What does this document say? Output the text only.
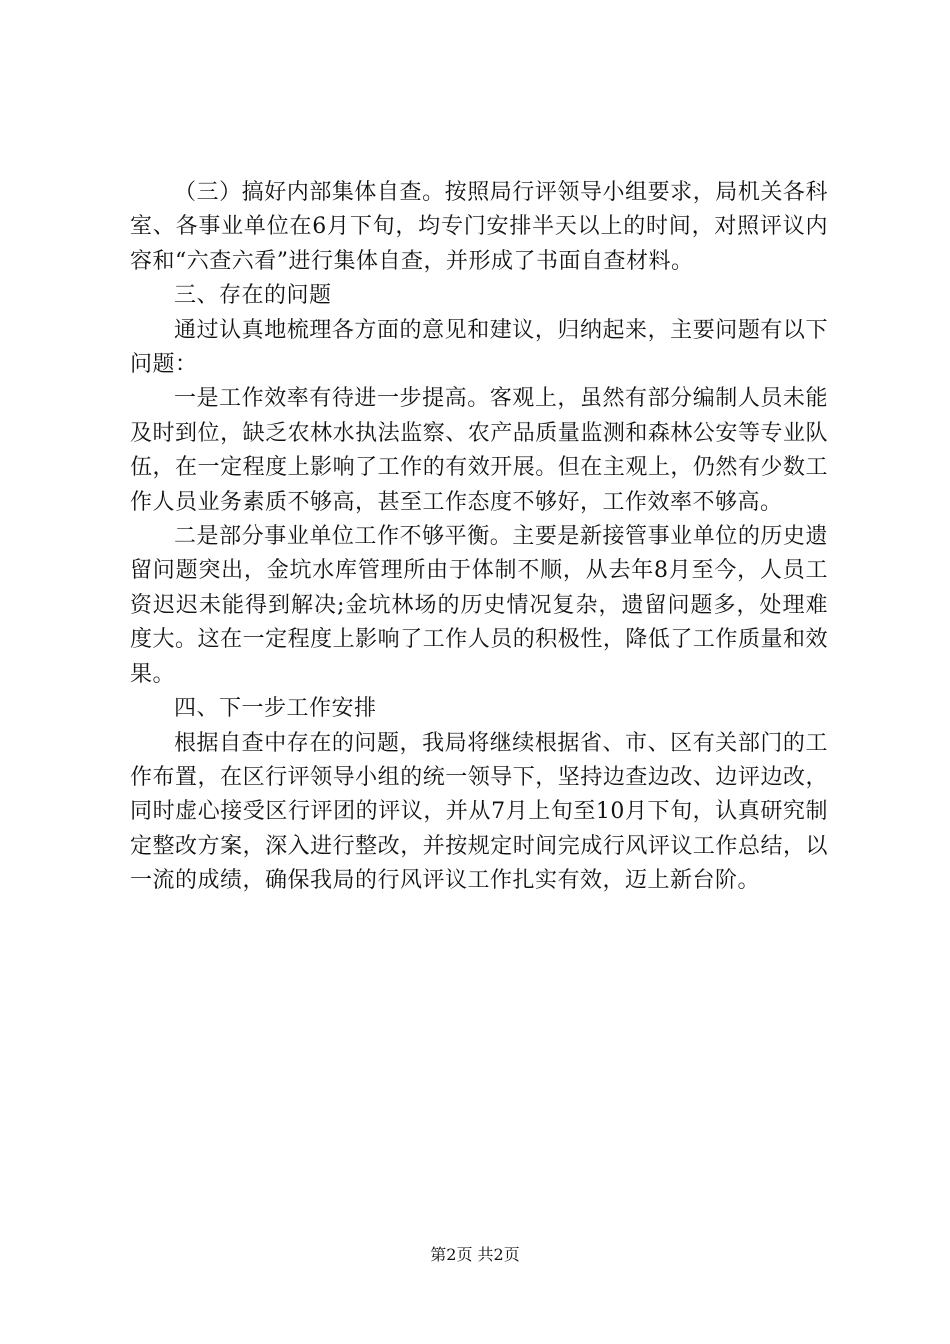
（三）搞好内部集体自查。按照局行评领导小组要求，局机关各科室、各事业单位在6月下旬，均专门安排半天以上的时间，对照评议内容和“六查六看”进行集体自查，并形成了书面自查材料。

三、存在的问题

通过认真地梳理各方面的意见和建议，归纳起来，主要问题有以下问题：

一是工作效率有待进一步提高。客观上，虽然有部分编制人员未能及时到位，缺乏农林水执法监察、农产品质量监测和森林公安等专业队伍，在一定程度上影响了工作的有效开展。但在主观上，仍然有少数工作人员业务素质不够高，甚至工作态度不够好，工作效率不够高。

二是部分事业单位工作不够平衡。主要是新接管事业单位的历史遗留问题突出，金坑水库管理所由于体制不顺，从去年8月至今，人员工资迟迟未能得到解决;金坑林场的历史情况复杂，遗留问题多，处理难度大。这在一定程度上影响了工作人员的积极性，降低了工作质量和效果。

四、下一步工作安排

根据自查中存在的问题，我局将继续根据省、市、区有关部门的工作布置，在区行评领导小组的统一领导下，坚持边查边改、边评边改，同时虚心接受区行评团的评议，并从7月上旬至10月下旬，认真研究制定整改方案，深入进行整改，并按规定时间完成行风评议工作总结，以一流的成绩，确保我局的行风评议工作扎实有效，迈上新台阶。

第2页 共2页
